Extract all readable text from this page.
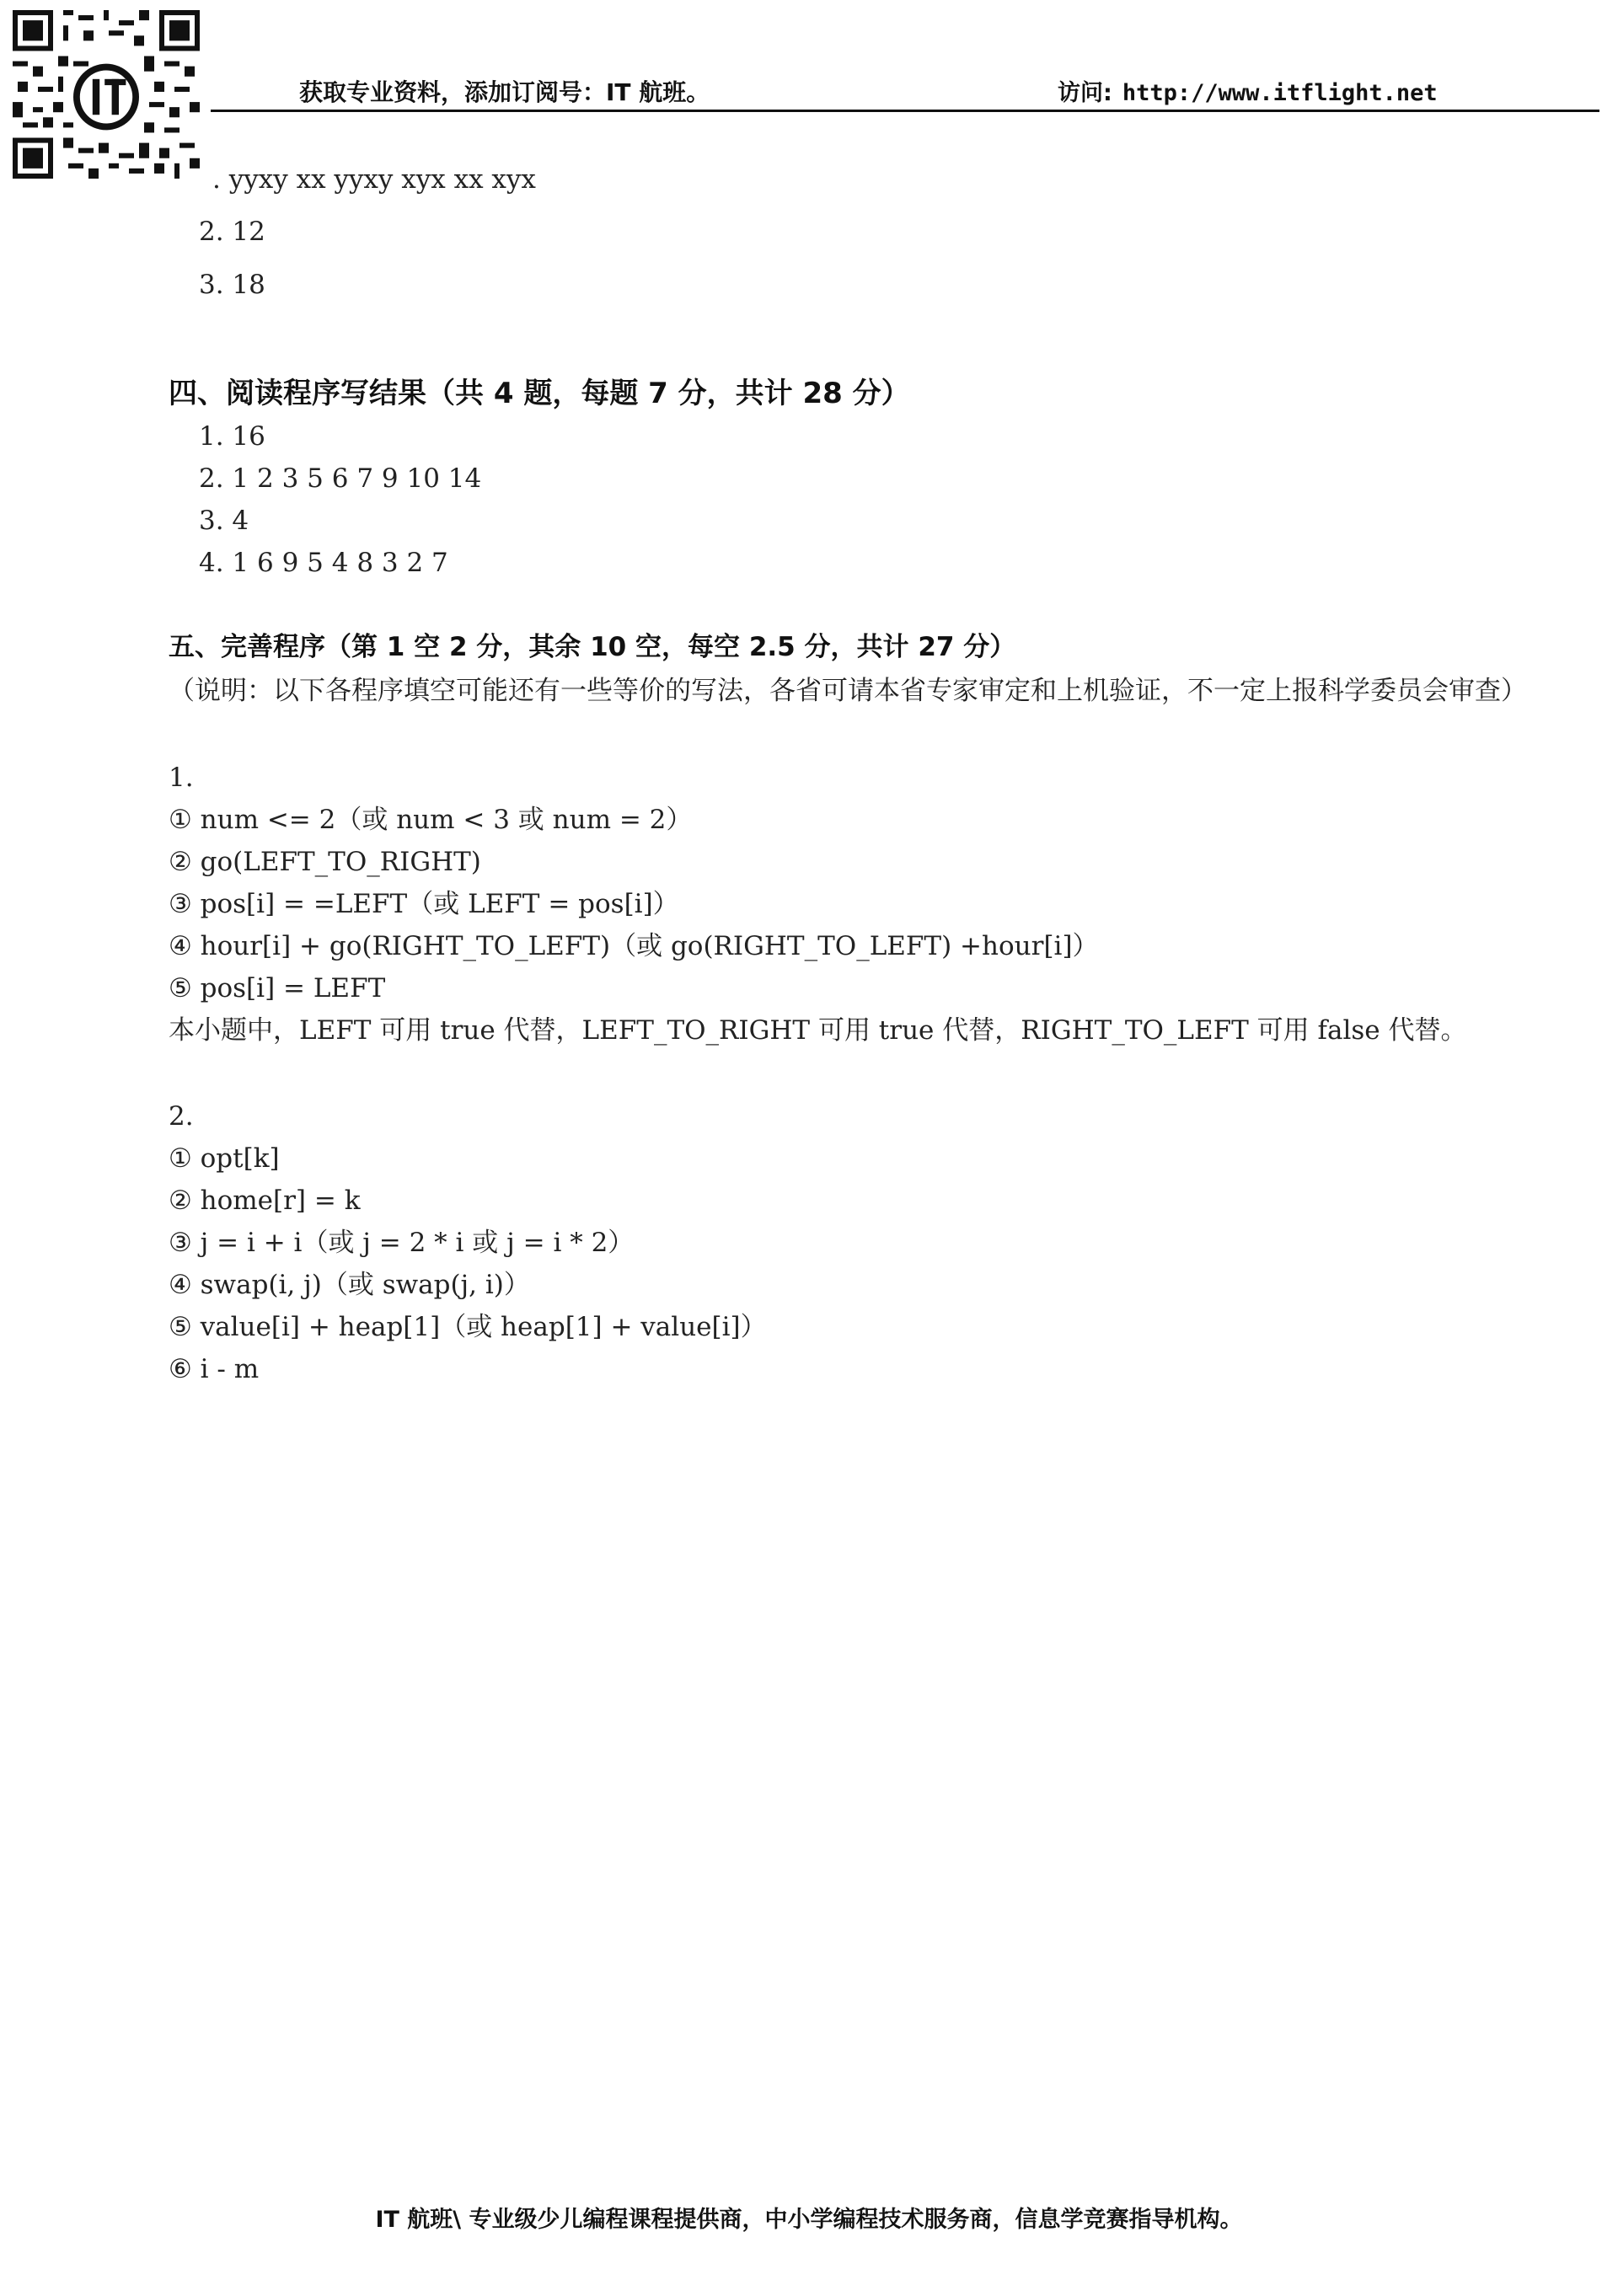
获取专业资料，添加订阅号：IT 航班。	访问: http://www.itflight.net
. yyxy xx yyxy xyx xx xyx
2. 12
3. 18
四、阅读程序写结果（共 4 题，每题 7 分，共计 28 分）
1. 16
2. 1 2 3 5 6 7 9 10 14
3. 4
4. 1 6 9 5 4 8 3 2 7
五、完善程序（第 1 空 2 分，其余 10 空，每空 2.5 分，共计 27 分）
（说明：以下各程序填空可能还有一些等价的写法，各省可请本省专家审定和上机验证，不一定上报科学委员会审查）
1.
① num <= 2（或 num < 3 或 num = 2）
② go(LEFT_TO_RIGHT)
③ pos[i] = =LEFT（或 LEFT = pos[i]）
④ hour[i] + go(RIGHT_TO_LEFT)（或 go(RIGHT_TO_LEFT) +hour[i]）
⑤ pos[i] = LEFT
本小题中，LEFT 可用 true 代替，LEFT_TO_RIGHT 可用 true 代替，RIGHT_TO_LEFT 可用 false 代替。
2.
① opt[k]
② home[r] = k
③ j = i + i（或 j = 2 * i 或 j = i * 2）
④ swap(i, j)（或 swap(j, i)）
⑤ value[i] + heap[1]（或 heap[1] + value[i]）
⑥ i - m
IT 航班\ 专业级少儿编程课程提供商，中小学编程技术服务商，信息学竞赛指导机构。
